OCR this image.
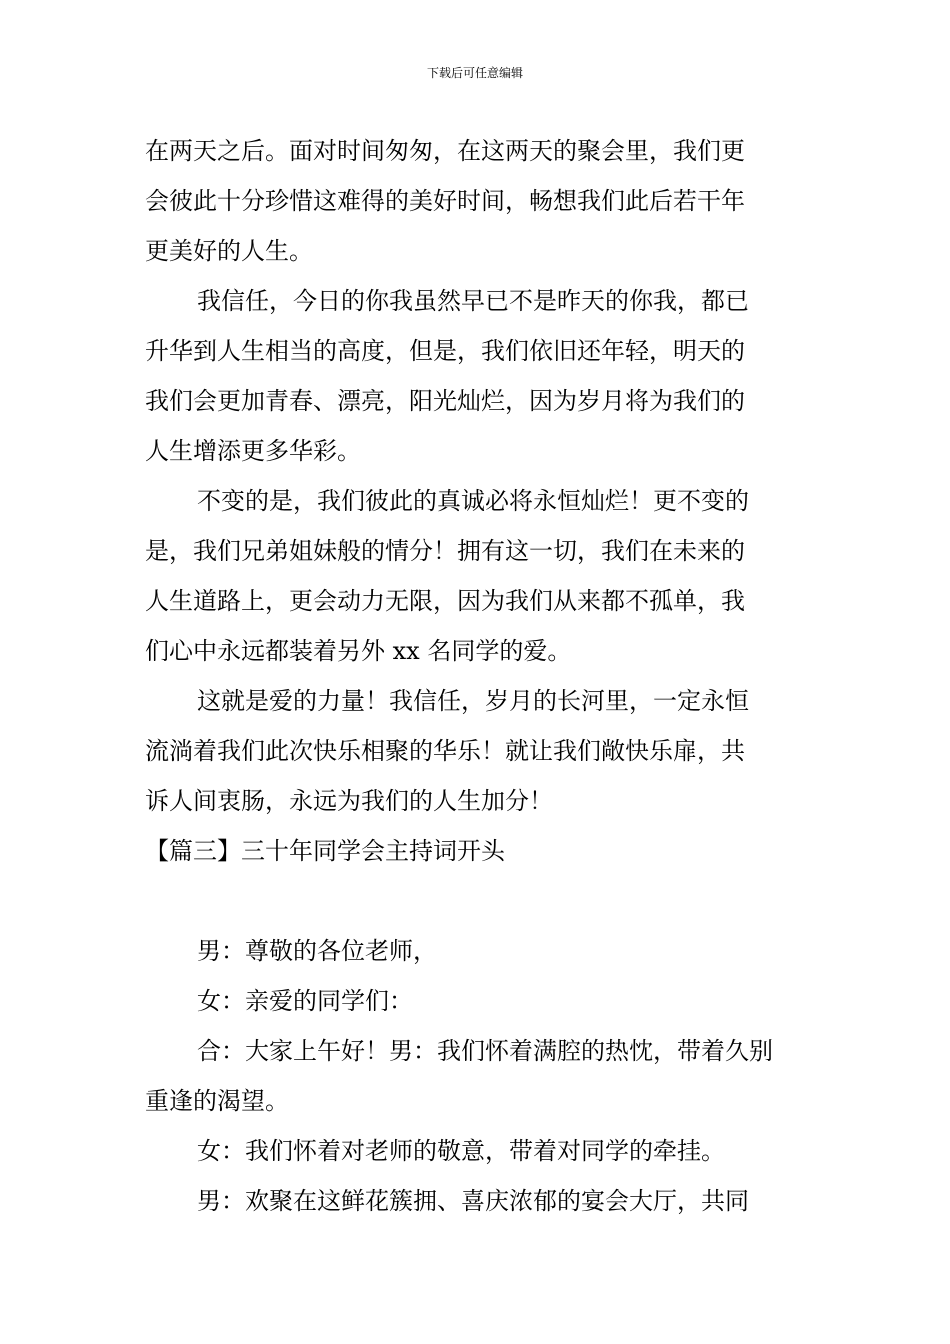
下载后可任意编辑

在两天之后。面对时间匆匆，在这两天的聚会里，我们更

会彼此十分珍惜这难得的美好时间，畅想我们此后若干年

更美好的人生。

我信任，今日的你我虽然早已不是昨天的你我，都已

升华到人生相当的高度，但是，我们依旧还年轻，明天的

我们会更加青春、漂亮，阳光灿烂，因为岁月将为我们的

人生增添更多华彩。

不变的是，我们彼此的真诚必将永恒灿烂！更不变的

是，我们兄弟姐妹般的情分！拥有这一切，我们在未来的

人生道路上，更会动力无限，因为我们从来都不孤单，我

们心中永远都装着另外 xx 名同学的爱。

这就是爱的力量！我信任，岁月的长河里，一定永恒

流淌着我们此次快乐相聚的华乐！就让我们敞快乐扉，共

诉人间衷肠，永远为我们的人生加分！

【篇三】三十年同学会主持词开头

男：尊敬的各位老师，

女：亲爱的同学们：

合：大家上午好！男：我们怀着满腔的热忱，带着久别

重逢的渴望。

女：我们怀着对老师的敬意，带着对同学的牵挂。

男：欢聚在这鲜花簇拥、喜庆浓郁的宴会大厅，共同
